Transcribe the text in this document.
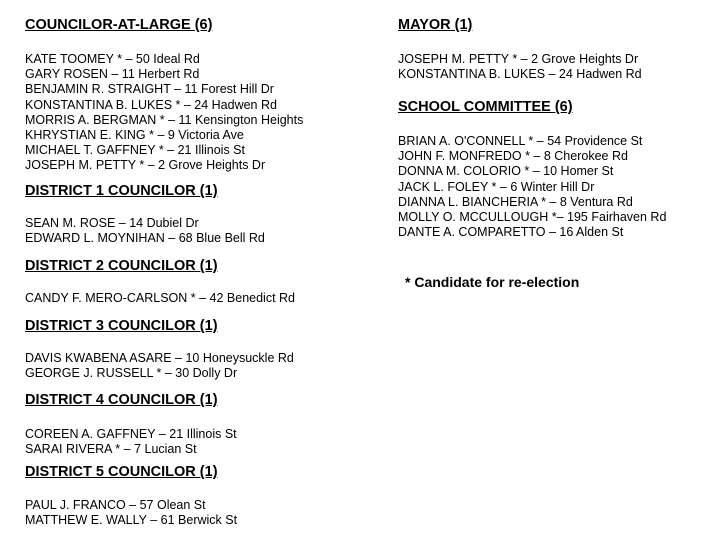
COUNCILOR-AT-LARGE (6)
KATE TOOMEY * – 50 Ideal Rd
GARY ROSEN – 11 Herbert Rd
BENJAMIN R. STRAIGHT – 11 Forest Hill Dr
KONSTANTINA B. LUKES * – 24 Hadwen Rd
MORRIS A. BERGMAN * – 11 Kensington Heights
KHRYSTIAN E. KING * – 9 Victoria Ave
MICHAEL T. GAFFNEY * – 21 Illinois St
JOSEPH M. PETTY * – 2 Grove Heights Dr
DISTRICT 1 COUNCILOR (1)
SEAN M. ROSE – 14 Dubiel Dr
EDWARD L. MOYNIHAN – 68 Blue Bell Rd
DISTRICT 2 COUNCILOR (1)
CANDY F. MERO-CARLSON * – 42 Benedict Rd
DISTRICT 3 COUNCILOR (1)
DAVIS KWABENA ASARE – 10 Honeysuckle Rd
GEORGE J. RUSSELL * – 30 Dolly Dr
DISTRICT 4 COUNCILOR (1)
COREEN A. GAFFNEY – 21 Illinois St
SARAI RIVERA * – 7 Lucian St
DISTRICT 5 COUNCILOR (1)
PAUL J. FRANCO – 57 Olean St
MATTHEW E. WALLY – 61 Berwick St
MAYOR (1)
JOSEPH M. PETTY * – 2 Grove Heights Dr
KONSTANTINA B. LUKES – 24 Hadwen Rd
SCHOOL COMMITTEE (6)
BRIAN A. O'CONNELL * – 54 Providence St
JOHN F. MONFREDO * – 8 Cherokee Rd
DONNA M. COLORIO * – 10 Homer St
JACK L. FOLEY * – 6 Winter Hill Dr
DIANNA L. BIANCHERIA * – 8 Ventura Rd
MOLLY O. MCCULLOUGH *– 195 Fairhaven Rd
DANTE A. COMPARETTO – 16 Alden St
* Candidate for re-election
